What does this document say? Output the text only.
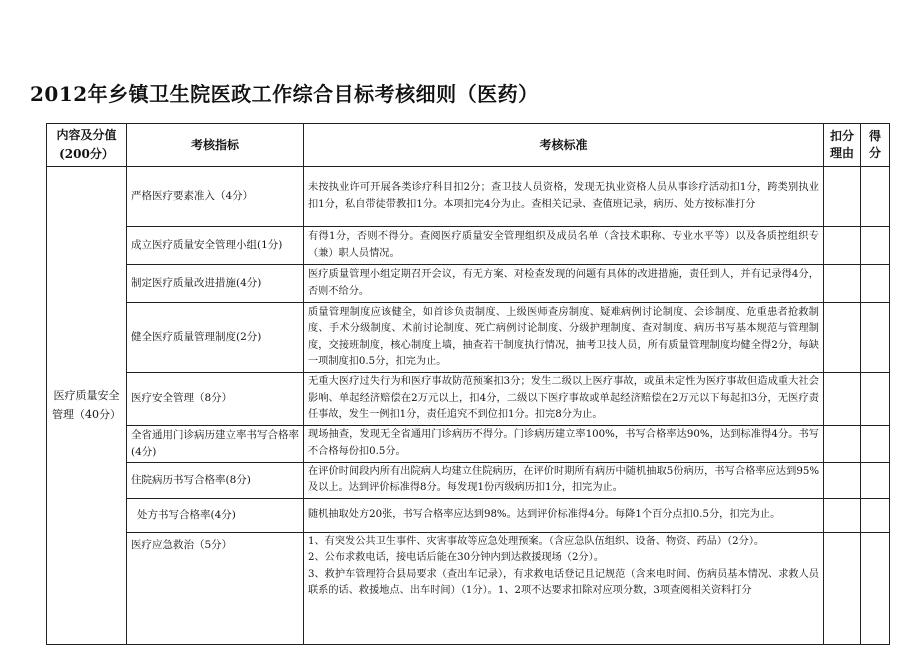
2012年乡镇卫生院医政工作综合目标考核细则（医药）
内容及分值(200分）	考核指标	考核标准	扣分理由	得分
医疗质量安全管理（40分）	严格医疗要素准入（4分）	未按执业许可开展各类诊疗科目扣2分；查卫技人员资格，发现无执业资格人员从事诊疗活动扣1分，跨类别执业扣1分，私自带徒带教扣1分。本项扣完4分为止。查相关记录、查值班记录，病历、处方按标准打分		
	成立医疗质量安全管理小组(1分)	有得1分，否则不得分。查阅医疗质量安全管理组织及成员名单（含技术职称、专业水平等）以及各质控组织专（兼）职人员情况。		
	制定医疗质量改进措施(4分)	医疗质量管理小组定期召开会议，有无方案、对检查发现的问题有具体的改进措施，责任到人，并有记录得4分，否则不给分。		
	健全医疗质量管理制度(2分)	质量管理制度应该健全，如首诊负责制度、上级医师查房制度、疑难病例讨论制度、会诊制度、危重患者抢救制度、手术分级制度、术前讨论制度、死亡病例讨论制度、分级护理制度、查对制度、病历书写基本规范与管理制度，交接班制度，核心制度上墙，抽查若干制度执行情况，抽考卫技人员，所有质量管理制度均健全得2分，每缺一项制度扣0.5分，扣完为止。		
	医疗安全管理（8分）	无重大医疗过失行为和医疗事故防范预案扣3分；发生二级以上医疗事故，或虽未定性为医疗事故但造成重大社会影响、单起经济赔偿在2万元以上，扣4分，二级以下医疗事故或单起经济赔偿在2万元以下每起扣3分，无医疗责任事故，发生一例扣1分，责任追究不到位扣1分。扣完8分为止。		
	全省通用门诊病历建立率书写合格率(4分)	现场抽查，发现无全省通用门诊病历不得分。门诊病历建立率100%，书写合格率达90%，达到标准得4分。书写不合格每份扣0.5分。		
	住院病历书写合格率(8分)	在评价时间段内所有出院病人均建立住院病历，在评价时期所有病历中随机抽取5份病历，书写合格率应达到95%及以上。达到评价标准得8分。每发现1份丙级病历扣1分，扣完为止。		
	处方书写合格率(4分)	随机抽取处方20张，书写合格率应达到98%。达到评价标准得4分。每降1个百分点扣0.5分，扣完为止。		
	医疗应急救治（5分）	1、有突发公共卫生事件、灾害事故等应急处理预案。（含应急队伍组织、设备、物资、药品）（2分）。
2、公布求救电话，接电话后能在30分钟内到达救援现场（2分）。
3、救护车管理符合县局要求（查出车记录），有求救电话登记且记规范（含来电时间、伤病员基本情况、求救人员联系的话、救援地点、出车时间）（1分）。1、2项不达要求扣除对应项分数，3项查阅相关资料打分		
